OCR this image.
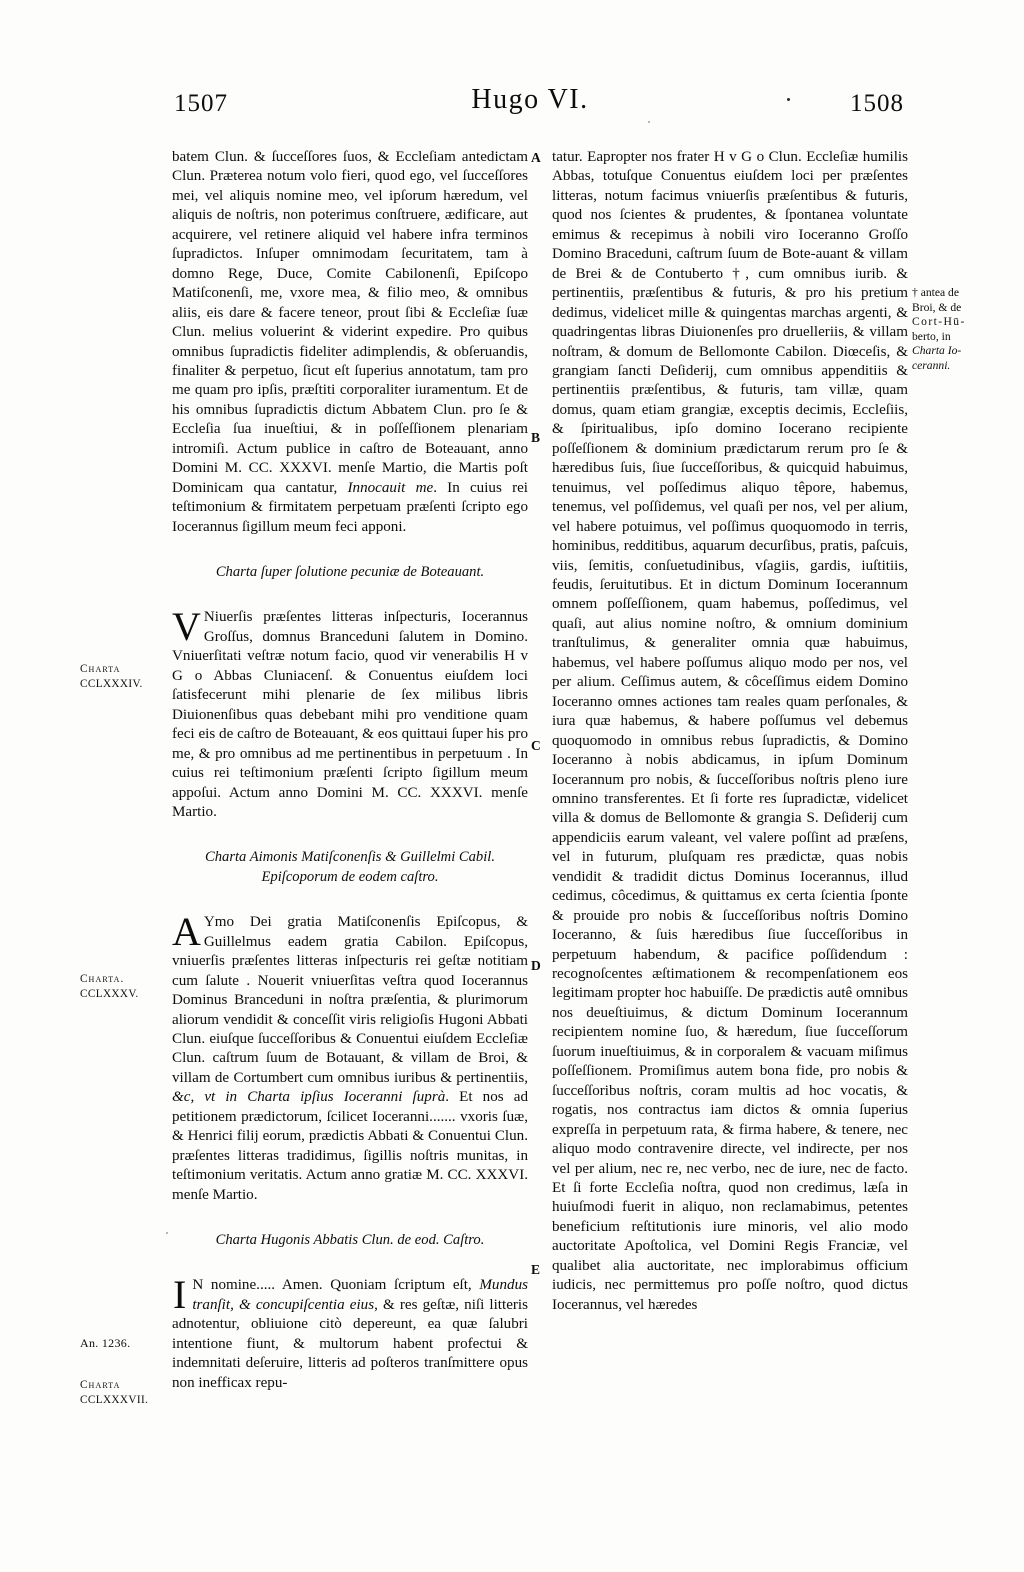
1507	Hugo VI.	1508
Charta
CCLXXXIV.
Charta.
CCLXXXV.
An. 1236.
Charta
CCLXXXVII.
A
B
C
D
E
† antea de
Broi, & de
Cort-Hū-
berto, in
Charta Io-
ceranni.

batem Clun. & ſucceſſores ſuos, & Eccleſiam antedictam Clun. Præterea notum volo fieri, quod ego, vel ſucceſſores mei, vel aliquis nomine meo, vel ipſorum hæredum, vel aliquis de noſtris, non poterimus conſtruere, ædificare, aut acquirere, vel retinere aliquid vel habere infra terminos ſupradictos. Inſuper omnimodam ſecuritatem, tam à domno Rege, Duce, Comite Cabilonenſi, Epiſcopo Matiſconenſi, me, vxore mea, & filio meo, & omnibus aliis, eis dare & facere teneor, prout ſibi & Eccleſiæ ſuæ Clun. melius voluerint & viderint expedire. Pro quibus omnibus ſupradictis fideliter adimplendis, & obſeruandis, finaliter & perpetuo, ſicut eſt ſuperius annotatum, tam pro me quam pro ipſis, præſtiti corporaliter iuramentum. Et de his omnibus ſupradictis dictum Abbatem Clun. pro ſe & Eccleſia ſua inueſtiui, & in poſſeſſionem plenariam intromiſi. Actum publice in caſtro de Boteauant, anno Domini M. CC. XXXVI. menſe Martio, die Martis poſt Dominicam qua cantatur, Innocauit me. In cuius rei teſtimonium & firmitatem perpetuam præſenti ſcripto ego Iocerannus ſigillum meum feci apponi.

Charta ſuper ſolutione pecuniæ de Boteauant.

V Niuerſis præſentes litteras inſpecturis, Iocerannus Groſſus, domnus Branceduni ſalutem in Domino. Vniuerſitati veſtræ notum facio, quod vir venerabilis H v G o Abbas Cluniacenſ. & Conuentus eiuſdem loci ſatisfecerunt mihi plenarie de ſex milibus libris Diuionenſibus quas debebant mihi pro venditione quam feci eis de caſtro de Boteauant, & eos quittaui ſuper his pro me, & pro omnibus ad me pertinentibus in perpetuum . In cuius rei teſtimonium præſenti ſcripto ſigillum meum appoſui. Actum anno Domini M. CC. XXXVI. menſe Martio.

Charta Aimonis Matiſconenſis & Guillelmi Cabil.

Epiſcoporum de eodem caſtro.

A Ymo Dei gratia Matiſconenſis Epiſcopus, & Guillelmus eadem gratia Cabilon. Epiſcopus, vniuerſis præſentes litteras inſpecturis rei geſtæ notitiam cum ſalute . Nouerit vniuerſitas veſtra quod Iocerannus Dominus Branceduni in noſtra præſentia, & plurimorum aliorum vendidit & conceſſit viris religioſis Hugoni Abbati Clun. eiuſque ſucceſſoribus & Conuentui eiuſdem Eccleſiæ Clun. caſtrum ſuum de Botauant, & villam de Broi, & villam de Cortumbert cum omnibus iuribus & pertinentiis, &c, vt in Charta ipſius Ioceranni ſuprà. Et nos ad petitionem prædictorum, ſcilicet Ioceranni....... vxoris ſuæ, & Henrici filij eorum, prædictis Abbati & Conuentui Clun. præſentes litteras tradidimus, ſigillis noſtris munitas, in teſtimonium veritatis. Actum anno gratiæ M. CC. XXXVI. menſe Martio.

Charta Hugonis Abbatis Clun. de eod. Caſtro.

I N nomine..... Amen. Quoniam ſcriptum eſt, Mundus tranſit, & concupiſcentia eius, & res geſtæ, niſi litteris adnotentur, obliuione citò depereunt, ea quæ ſalubri intentione fiunt, & multorum habent profectui & indemnitati deſeruire, litteris ad poſteros tranſmittere opus non inefficax repu-

tatur. Eapropter nos frater H v G o Clun. Eccleſiæ humilis Abbas, totuſque Conuentus eiuſdem loci per præſentes litteras, notum facimus vniuerſis præſentibus & futuris, quod nos ſcientes & prudentes, & ſpontanea voluntate emimus & recepimus à nobili viro Ioceranno Groſſo Domino Braceduni, caſtrum ſuum de Bote-auant & villam de Brei & de Contuberto †, cum omnibus iurib. & pertinentiis, præſentibus & futuris, & pro his pretium dedimus, videlicet mille & quingentas marchas argenti, & quadringentas libras Diuionenſes pro druelleriis, & villam noſtram, & domum de Bellomonte Cabilon. Diœceſis, & grangiam ſancti Deſiderij, cum omnibus appenditiis & pertinentiis præſentibus, & futuris, tam villæ, quam domus, quam etiam grangiæ, exceptis decimis, Eccleſiis, & ſpiritualibus, ipſo domino Iocerano recipiente poſſeſſionem & dominium prædictarum rerum pro ſe & hæredibus ſuis, ſiue ſucceſſoribus, & quicquid habuimus, tenuimus, vel poſſedimus aliquo têpore, habemus, tenemus, vel poſſidemus, vel quaſi per nos, vel per alium, vel habere potuimus, vel poſſimus quoquomodo in terris, hominibus, redditibus, aquarum decurſibus, pratis, paſcuis, viis, ſemitis, conſuetudinibus, vſagiis, gardis, iuſtitiis, feudis, ſeruitutibus. Et in dictum Dominum Iocerannum omnem poſſeſſionem, quam habemus, poſſedimus, vel quaſi, aut alius nomine noſtro, & omnium dominium tranſtulimus, & generaliter omnia quæ habuimus, habemus, vel habere poſſumus aliquo modo per nos, vel per alium. Ceſſimus autem, & côceſſimus eidem Domino Ioceranno omnes actiones tam reales quam perſonales, & iura quæ habemus, & habere poſſumus vel debemus quoquomodo in omnibus rebus ſupradictis, & Domino Ioceranno à nobis abdicamus, in ipſum Dominum Iocerannum pro nobis, & ſucceſſoribus noſtris pleno iure omnino transferentes. Et ſi forte res ſupradictæ, videlicet villa & domus de Bellomonte & grangia S. Deſiderij cum appendiciis earum valeant, vel valere poſſint ad præſens, vel in futurum, pluſquam res prædictæ, quas nobis vendidit & tradidit dictus Dominus Iocerannus, illud cedimus, côcedimus, & quittamus ex certa ſcientia ſponte & prouide pro nobis & ſucceſſoribus noſtris Domino Ioceranno, & ſuis hæredibus ſiue ſucceſſoribus in perpetuum habendum, & pacifice poſſidendum : recognoſcentes æſtimationem & recompenſationem eos legitimam propter hoc habuiſſe. De prædictis autê omnibus nos deueſtiuimus, & dictum Dominum Iocerannum recipientem nomine ſuo, & hæredum, ſiue ſucceſſorum ſuorum inueſtiuimus, & in corporalem & vacuam miſimus poſſeſſionem. Promiſimus autem bona fide, pro nobis & ſucceſſoribus noſtris, coram multis ad hoc vocatis, & rogatis, nos contractus iam dictos & omnia ſuperius expreſſa in perpetuum rata, & firma habere, & tenere, nec aliquo modo contravenire directe, vel indirecte, per nos vel per alium, nec re, nec verbo, nec de iure, nec de facto. Et ſi forte Eccleſia noſtra, quod non credimus, læſa in huiuſmodi fuerit in aliquo, non reclamabimus, petentes beneficium reſtitutionis iure minoris, vel alio modo auctoritate Apoſtolica, vel Domini Regis Franciæ, vel qualibet alia auctoritate, nec implorabimus officium iudicis, nec permittemus pro poſſe noſtro, quod dictus Iocerannus, vel hæredes
